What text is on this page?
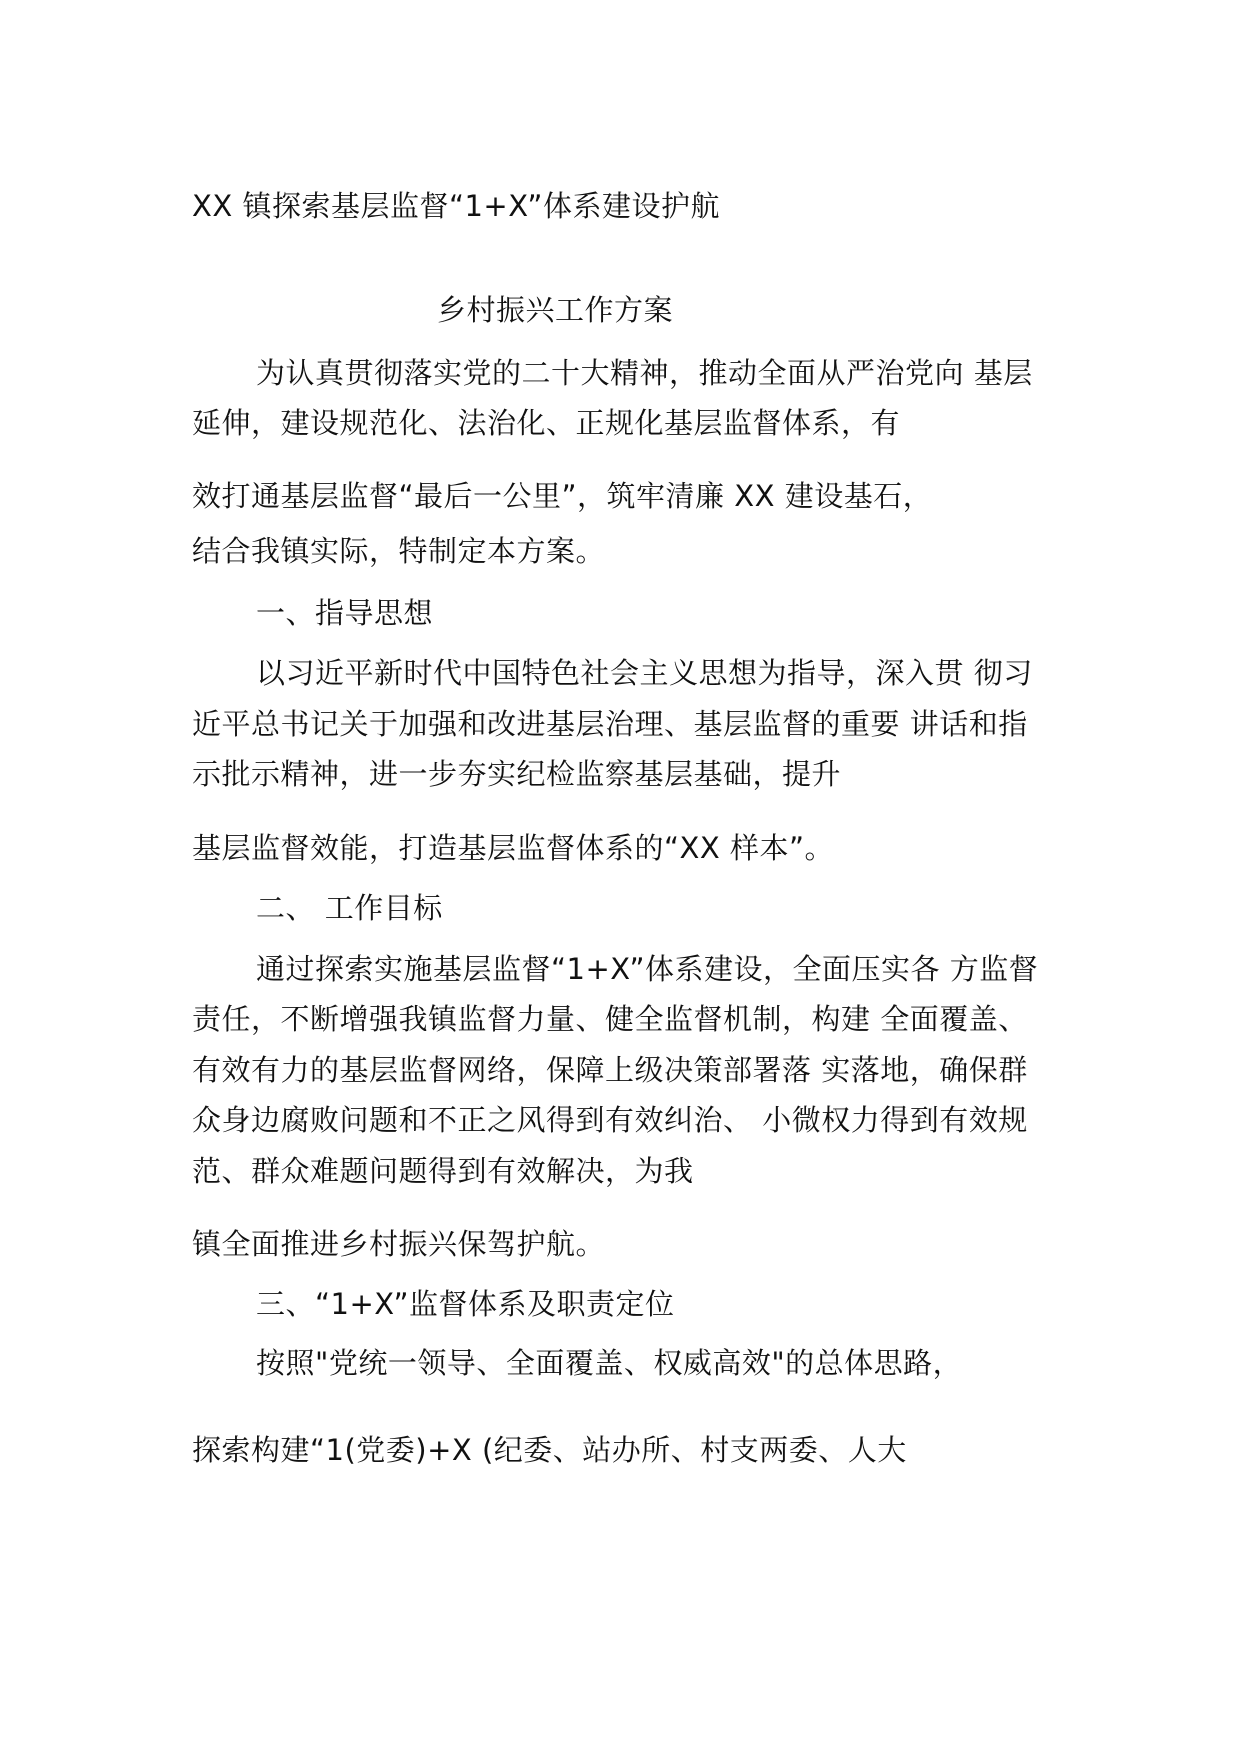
XX 镇探索基层监督“1+X”体系建设护航
乡村振兴工作方案
为认真贯彻落实党的二十大精神，推动全面从严治党向 基层
延伸，建设规范化、法治化、正规化基层监督体系，有
效打通基层监督“最后一公里”，筑牢清廉 XX 建设基石，
结合我镇实际，特制定本方案。
一、指导思想
以习近平新时代中国特色社会主义思想为指导，深入贯 彻习
近平总书记关于加强和改进基层治理、基层监督的重要 讲话和指
示批示精神，进一步夯实纪检监察基层基础，提升
基层监督效能，打造基层监督体系的“XX 样本”。
二、 工作目标
通过探索实施基层监督“1+X”体系建设，全面压实各 方监督
责任，不断增强我镇监督力量、健全监督机制，构建 全面覆盖、
有效有力的基层监督网络，保障上级决策部署落 实落地，确保群
众身边腐败问题和不正之风得到有效纠治、 小微权力得到有效规
范、群众难题问题得到有效解决，为我
镇全面推进乡村振兴保驾护航。
三、“1+X”监督体系及职责定位
按照"党统一领导、全面覆盖、权威高效"的总体思路，
探索构建“1(党委)+X (纪委、站办所、村支两委、人大
